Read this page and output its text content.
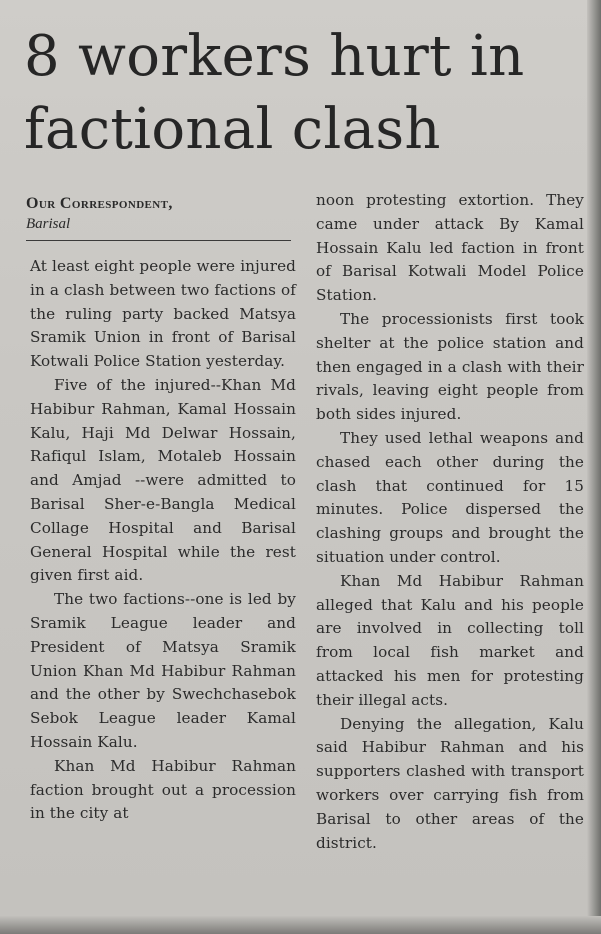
8 workers hurt in factional clash
Our Correspondent,
Barisal

At least eight people were injured in a clash between two factions of the ruling party backed Matsya Sramik Union in front of Barisal Kotwali Police Station yesterday.

Five of the injured--Khan Md Habibur Rahman, Kamal Hossain Kalu, Haji Md Delwar Hossain, Rafiqul Islam, Motaleb Hossain and Amjad --were admitted to Barisal Sher-e-Bangla Medical Collage Hospital and Barisal General Hospital while the rest given first aid.

The two factions--one is led by Sramik League leader and President of Matsya Sramik Union Khan Md Habibur Rahman and the other by Swechchasebok Sebok League leader Kamal Hossain Kalu.

Khan Md Habibur Rahman faction brought out a procession in the city at

noon protesting extortion. They came under attack By Kamal Hossain Kalu led faction in front of Barisal Kotwali Model Police Station.

The processionists first took shelter at the police station and then engaged in a clash with their rivals, leaving eight people from both sides injured.

They used lethal weapons and chased each other during the clash that continued for 15 minutes. Police dispersed the clashing groups and brought the situation under control.

Khan Md Habibur Rahman alleged that Kalu and his people are involved in collecting toll from local fish market and attacked his men for protesting their illegal acts.

Denying the allegation, Kalu said Habibur Rahman and his supporters clashed with transport workers over carrying fish from Barisal to other areas of the district.
